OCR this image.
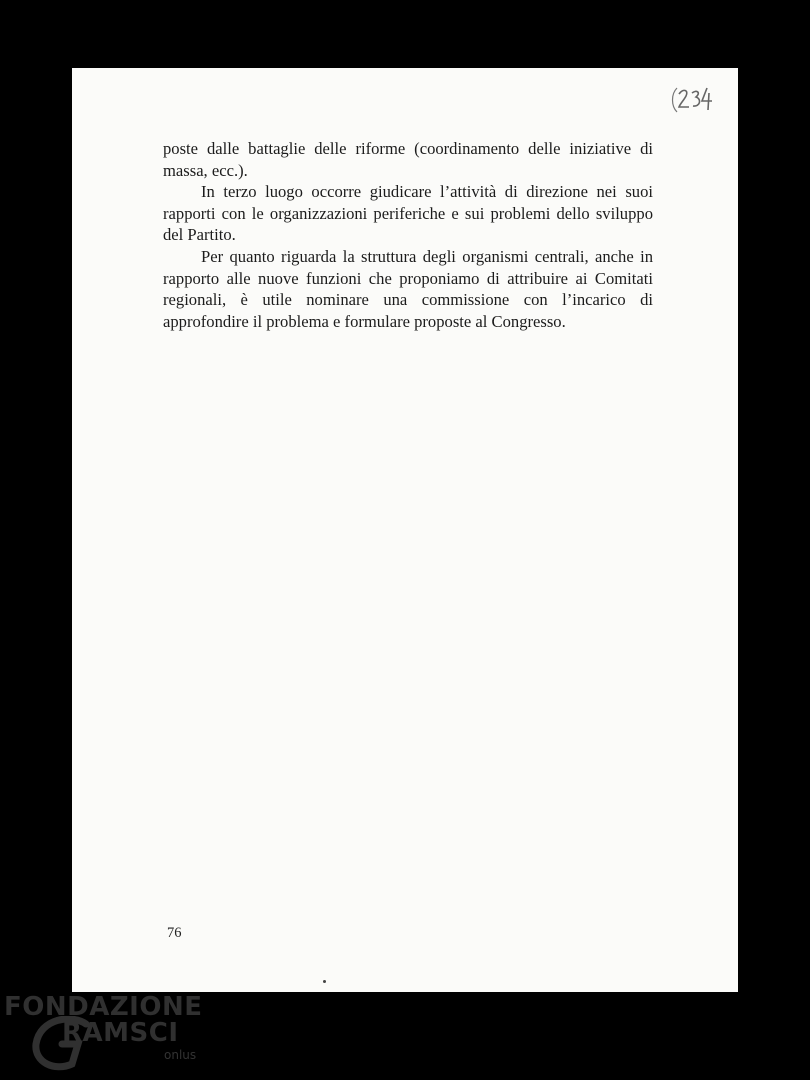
poste dalle battaglie delle riforme (coordinamento delle iniziative di massa, ecc.).

In terzo luogo occorre giudicare l’attività di direzione nei suoi rapporti con le organizzazioni periferiche e sui problemi dello sviluppo del Partito.

Per quanto riguarda la struttura degli organismi centrali, anche in rapporto alle nuove funzioni che proponiamo di attribuire ai Comitati regionali, è utile nominare una commissione con l’incarico di approfondire il problema e formulare proposte al Congresso.

76
FONDAZIONE
RAMSCI
onlus
